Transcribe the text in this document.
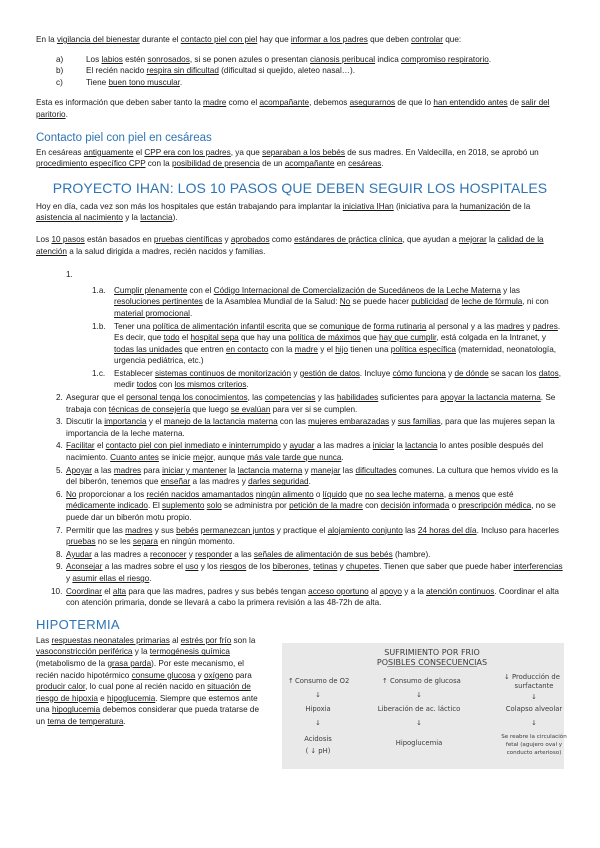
En la vigilancia del bienestar durante el contacto piel con piel hay que informar a los padres que deben controlar que:

a)	Los labios estén sonrosados, si se ponen azules o presentan cianosis peribucal indica compromiso respiratorio.
b)	El recién nacido respira sin dificultad (dificultad si quejido, aleteo nasal…).
c)	Tiene buen tono muscular.

Esta es información que deben saber tanto la madre como el acompañante, debemos asegurarnos de que lo han entendido antes de salir del paritorio.

Contacto piel con piel en cesáreas

En cesáreas antiguamente el CPP era con los padres, ya que separaban a los bebés de sus madres. En Valdecilla, en 2018, se aprobó un procedimiento específico CPP con la posibilidad de presencia de un acompañante en cesáreas.

PROYECTO IHAN: LOS 10 PASOS QUE DEBEN SEGUIR LOS HOSPITALES

Hoy en día, cada vez son más los hospitales que están trabajando para implantar la iniciativa IHan (iniciativa para la humanización de la asistencia al nacimiento y la lactancia).

Los 10 pasos están basados en pruebas científicas y aprobados como estándares de práctica clínica, que ayudan a mejorar la calidad de la atención a la salud dirigida a madres, recién nacidos y familias.

1.

1.a.	Cumplir plenamente con el Código Internacional de Comercialización de Sucedáneos de la Leche Materna y las resoluciones pertinentes de la Asamblea Mundial de la Salud: No se puede hacer publicidad de leche de fórmula, ni con material promocional.
1.b.	Tener una política de alimentación infantil escrita que se comunique de forma rutinaria al personal y a las madres y padres. Es decir, que todo el hospital sepa que hay una política de máximos que hay que cumplir, está colgada en la Intranet, y todas las unidades que entren en contacto con la madre y el hijo tienen una política específica (maternidad, neonatología, urgencia pediátrica, etc.)
1.c.	Establecer sistemas continuos de monitorización y gestión de datos. Incluye cómo funciona y de dónde se sacan los datos, medir todos con los mismos criterios.
2. Asegurar que el personal tenga los conocimientos, las competencias y las habilidades suficientes para apoyar la lactancia materna. Se trabaja con técnicas de consejería que luego se evalúan para ver si se cumplen.
3. Discutir la importancia y el manejo de la lactancia materna con las mujeres embarazadas y sus familias, para que las mujeres sepan la importancia de la leche materna.
4. Facilitar el contacto piel con piel inmediato e ininterrumpido y ayudar a las madres a iniciar la lactancia lo antes posible después del nacimiento. Cuanto antes se inicie mejor, aunque más vale tarde que nunca.
5. Apoyar a las madres para iniciar y mantener la lactancia materna y manejar las dificultades comunes. La cultura que hemos vivido es la del biberón, tenemos que enseñar a las madres y darles seguridad.
6. No proporcionar a los recién nacidos amamantados ningún alimento o líquido que no sea leche materna, a menos que esté médicamente indicado. El suplemento solo se administra por petición de la madre con decisión informada o prescripción médica, no se puede dar un biberón motu propio.
7. Permitir que las madres y sus bebés permanezcan juntos y practique el alojamiento conjunto las 24 horas del día. Incluso para hacerles pruebas no se les separa en ningún momento.
8. Ayudar a las madres a reconocer y responder a las señales de alimentación de sus bebés (hambre).
9. Aconsejar a las madres sobre el uso y los riesgos de los biberones, tetinas y chupetes. Tienen que saber que puede haber interferencias y asumir ellas el riesgo.
10. Coordinar el alta para que las madres, padres y sus bebés tengan acceso oportuno al apoyo y a la atención continuos. Coordinar el alta con atención primaria, donde se llevará a cabo la primera revisión a las 48-72h de alta.
HIPOTERMIA

Las respuestas neonatales primarias al estrés por frío son la vasoconstricción periférica y la termogénesis química (metabolismo de la grasa parda). Por este mecanismo, el recién nacido hipotérmico consume glucosa y oxígeno para producir calor, lo cual pone al recién nacido en situación de riesgo de hipoxia e hipoglucemia. Siempre que estemos ante una hipoglucemia debemos considerar que pueda tratarse de un tema de temperatura.

SUFRIMIENTO POR FRIO
POSIBLES CONSECUENCIAS
↑ Consumo de O2
↓
Hipoxia
↓
Acidosis
( ↓ pH)
↑ Consumo de glucosa
↓
Liberación de ac. láctico
↓
Hipoglucemia
↓ Producción de
surfactante
↓
Colapso alveolar
↓
Se reabre la circulación
fetal (agujero oval y
conducto arterioso)
